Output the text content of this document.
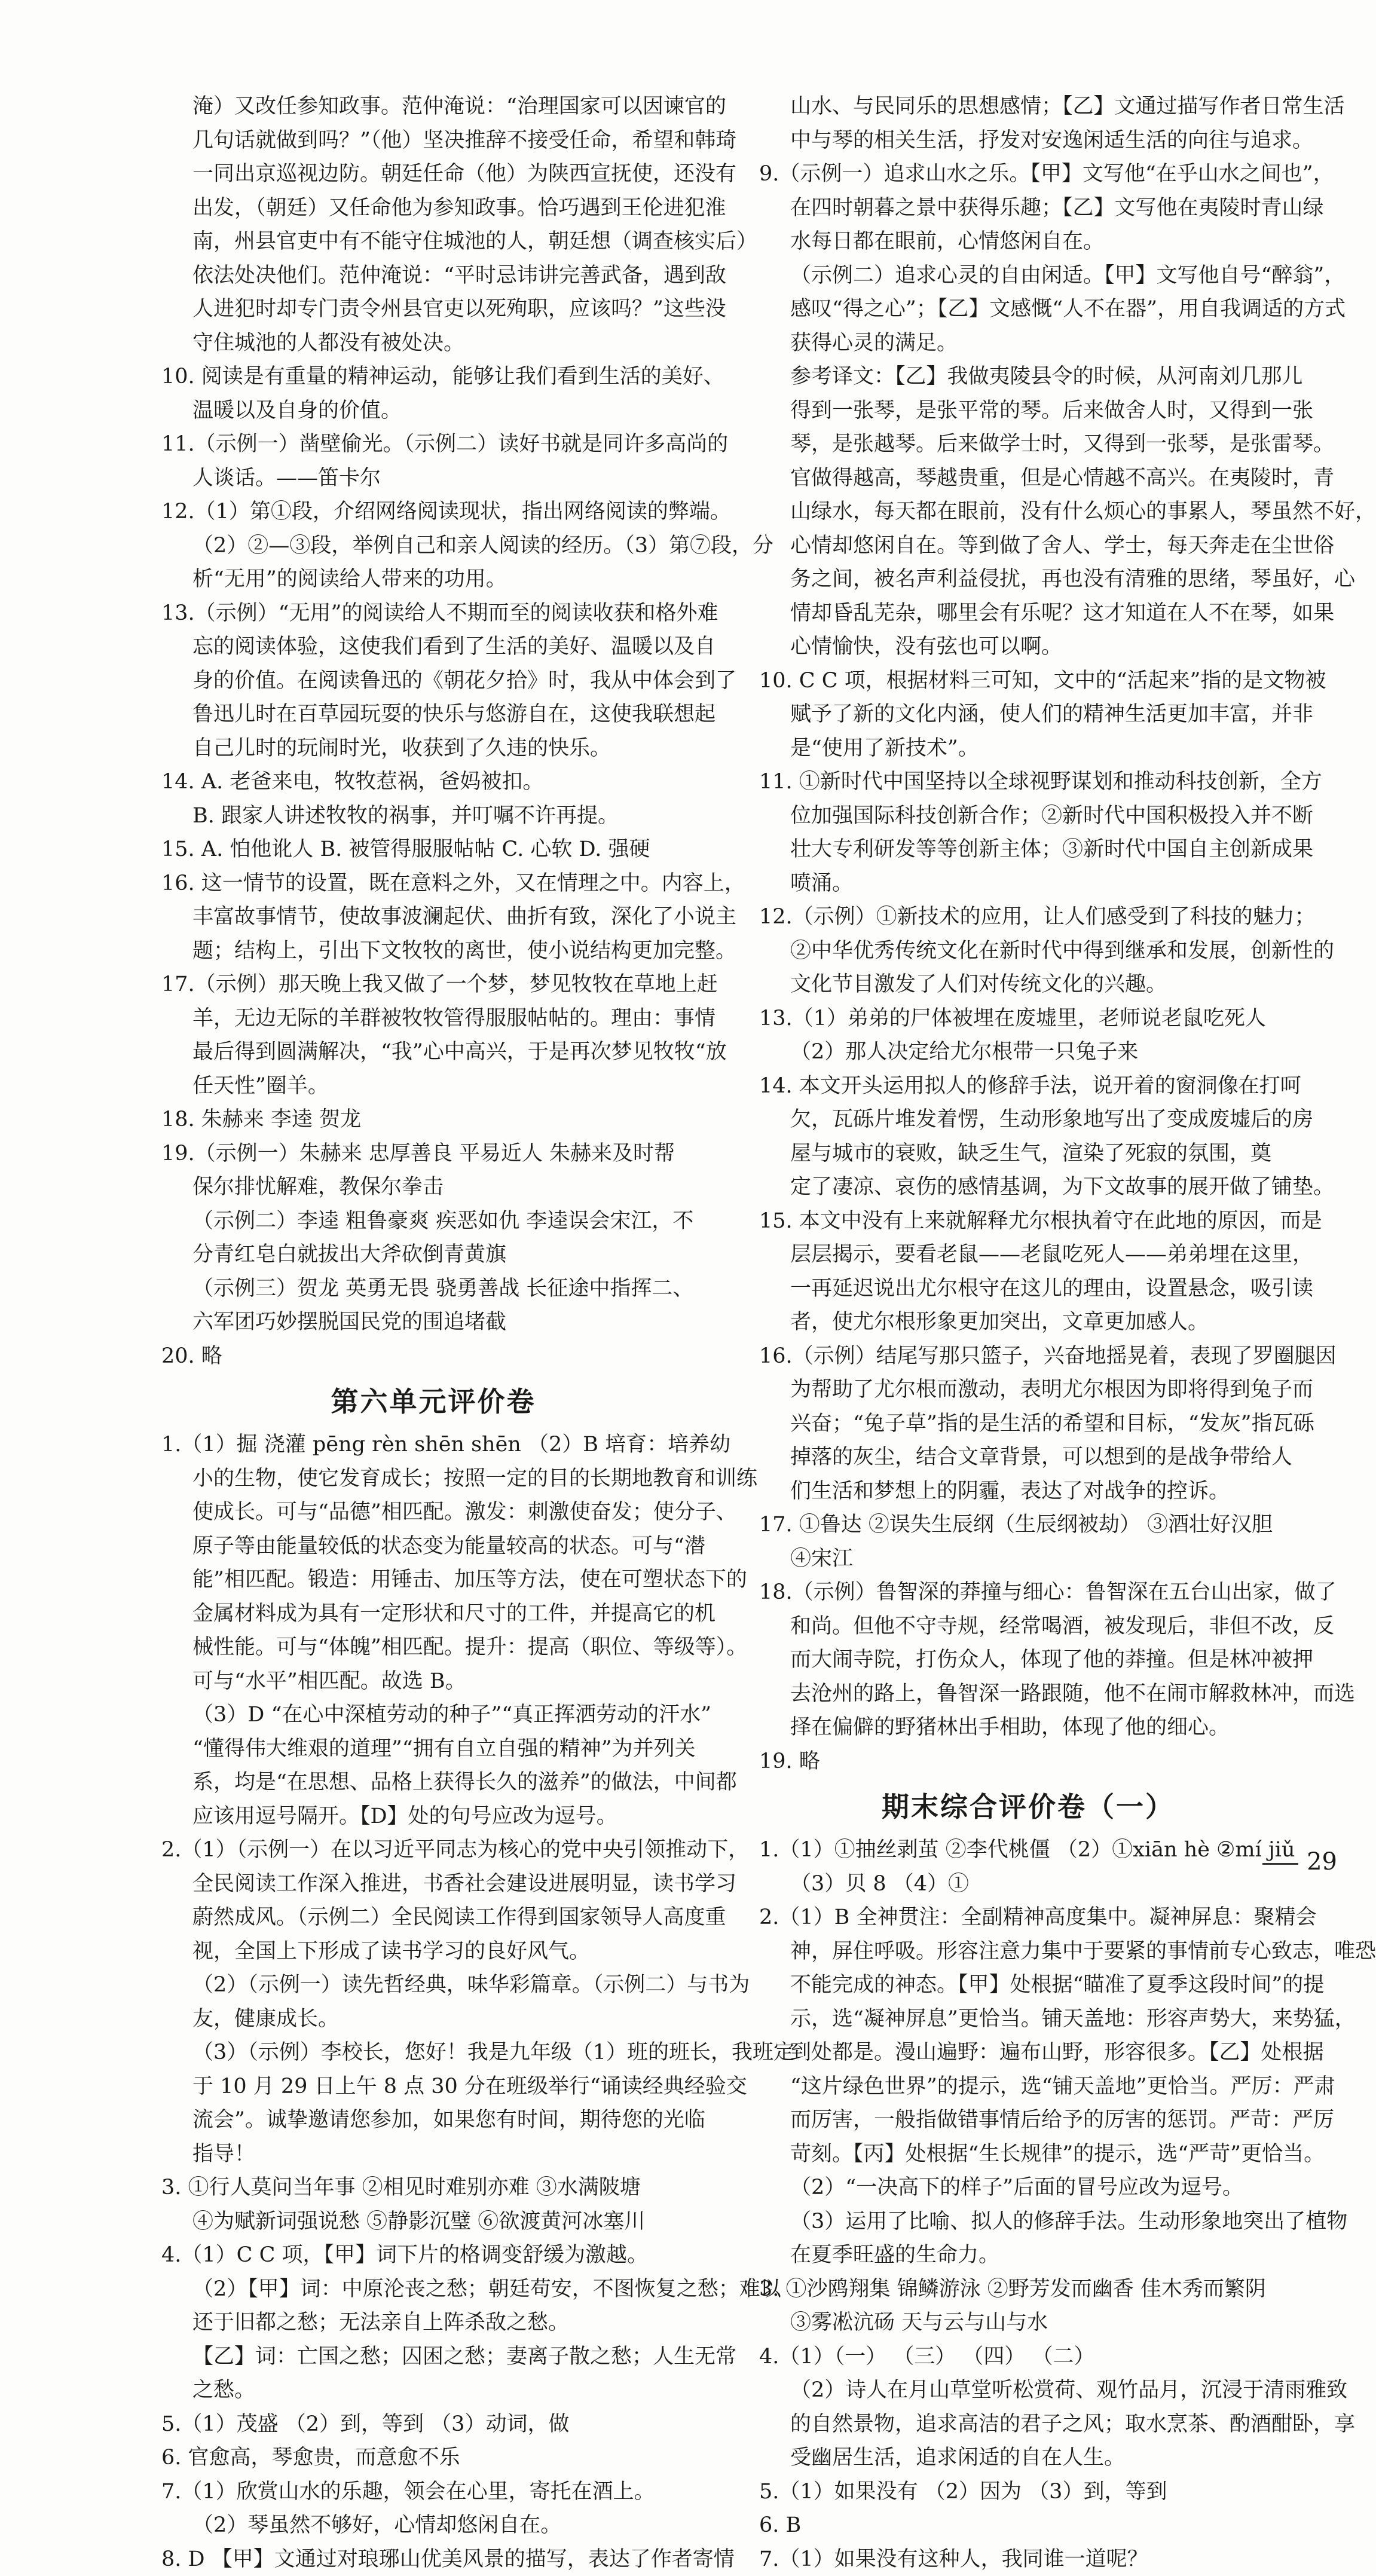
淹）又改任参知政事。范仲淹说：“治理国家可以因谏官的
几句话就做到吗？”（他）坚决推辞不接受任命，希望和韩琦
一同出京巡视边防。朝廷任命（他）为陕西宣抚使，还没有
出发，（朝廷）又任命他为参知政事。恰巧遇到王伦进犯淮
南，州县官吏中有不能守住城池的人，朝廷想（调查核实后）
依法处决他们。范仲淹说：“平时忌讳讲完善武备，遇到敌
人进犯时却专门责令州县官吏以死殉职，应该吗？”这些没
守住城池的人都没有被处决。
10. 阅读是有重量的精神运动，能够让我们看到生活的美好、
温暖以及自身的价值。
11.（示例一）凿壁偷光。（示例二）读好书就是同许多高尚的
人谈话。——笛卡尔
12.（1）第①段，介绍网络阅读现状，指出网络阅读的弊端。
（2）②—③段，举例自己和亲人阅读的经历。（3）第⑦段，分
析“无用”的阅读给人带来的功用。
13.（示例）“无用”的阅读给人不期而至的阅读收获和格外难
忘的阅读体验，这使我们看到了生活的美好、温暖以及自
身的价值。在阅读鲁迅的《朝花夕拾》时，我从中体会到了
鲁迅儿时在百草园玩耍的快乐与悠游自在，这使我联想起
自己儿时的玩闹时光，收获到了久违的快乐。
14. A. 老爸来电，牧牧惹祸，爸妈被扣。
B. 跟家人讲述牧牧的祸事，并叮嘱不许再提。
15. A. 怕他讹人 B. 被管得服服帖帖 C. 心软 D. 强硬
16. 这一情节的设置，既在意料之外，又在情理之中。内容上，
丰富故事情节，使故事波澜起伏、曲折有致，深化了小说主
题；结构上，引出下文牧牧的离世，使小说结构更加完整。
17.（示例）那天晚上我又做了一个梦，梦见牧牧在草地上赶
羊，无边无际的羊群被牧牧管得服服帖帖的。理由：事情
最后得到圆满解决，“我”心中高兴，于是再次梦见牧牧“放
任天性”圈羊。
18. 朱赫来 李逵 贺龙
19.（示例一）朱赫来 忠厚善良 平易近人 朱赫来及时帮
保尔排忧解难，教保尔拳击
（示例二）李逵 粗鲁豪爽 疾恶如仇 李逵误会宋江，不
分青红皂白就拔出大斧砍倒青黄旗
（示例三）贺龙 英勇无畏 骁勇善战 长征途中指挥二、
六军团巧妙摆脱国民党的围追堵截
20. 略
第六单元评价卷
1.（1）掘 浇灌 pēng rèn shēn shēn （2）B 培育：培养幼
小的生物，使它发育成长；按照一定的目的长期地教育和训练
使成长。可与“品德”相匹配。激发：刺激使奋发；使分子、
原子等由能量较低的状态变为能量较高的状态。可与“潜
能”相匹配。锻造：用锤击、加压等方法，使在可塑状态下的
金属材料成为具有一定形状和尺寸的工件，并提高它的机
械性能。可与“体魄”相匹配。提升：提高（职位、等级等）。
可与“水平”相匹配。故选 B。
（3）D “在心中深植劳动的种子”“真正挥洒劳动的汗水”
“懂得伟大维艰的道理”“拥有自立自强的精神”为并列关
系，均是“在思想、品格上获得长久的滋养”的做法，中间都
应该用逗号隔开。【D】处的句号应改为逗号。
2.（1）（示例一）在以习近平同志为核心的党中央引领推动下，
全民阅读工作深入推进，书香社会建设进展明显，读书学习
蔚然成风。（示例二）全民阅读工作得到国家领导人高度重
视，全国上下形成了读书学习的良好风气。
（2）（示例一）读先哲经典，味华彩篇章。（示例二）与书为
友，健康成长。
（3）（示例）李校长，您好！我是九年级（1）班的班长，我班定
于 10 月 29 日上午 8 点 30 分在班级举行“诵读经典经验交
流会”。诚挚邀请您参加，如果您有时间，期待您的光临
指导！
3. ①行人莫问当年事 ②相见时难别亦难 ③水满陂塘
④为赋新词强说愁 ⑤静影沉璧 ⑥欲渡黄河冰塞川
4.（1）C C 项，【甲】词下片的格调变舒缓为激越。
（2）【甲】词：中原沦丧之愁；朝廷苟安，不图恢复之愁；难以
还于旧都之愁；无法亲自上阵杀敌之愁。
【乙】词：亡国之愁；囚困之愁；妻离子散之愁；人生无常
之愁。
5.（1）茂盛 （2）到，等到 （3）动词，做
6. 官愈高，琴愈贵，而意愈不乐
7.（1）欣赏山水的乐趣，领会在心里，寄托在酒上。
（2）琴虽然不够好，心情却悠闲自在。
8. D 【甲】文通过对琅琊山优美风景的描写，表达了作者寄情
山水、与民同乐的思想感情；【乙】文通过描写作者日常生活
中与琴的相关生活，抒发对安逸闲适生活的向往与追求。
9.（示例一）追求山水之乐。【甲】文写他“在乎山水之间也”，
在四时朝暮之景中获得乐趣；【乙】文写他在夷陵时青山绿
水每日都在眼前，心情悠闲自在。
（示例二）追求心灵的自由闲适。【甲】文写他自号“醉翁”，
感叹“得之心”；【乙】文感慨“人不在器”，用自我调适的方式
获得心灵的满足。
参考译文：【乙】我做夷陵县令的时候，从河南刘几那儿
得到一张琴，是张平常的琴。后来做舍人时，又得到一张
琴，是张越琴。后来做学士时，又得到一张琴，是张雷琴。
官做得越高，琴越贵重，但是心情越不高兴。在夷陵时，青
山绿水，每天都在眼前，没有什么烦心的事累人，琴虽然不好，
心情却悠闲自在。等到做了舍人、学士，每天奔走在尘世俗
务之间，被名声利益侵扰，再也没有清雅的思绪，琴虽好，心
情却昏乱芜杂，哪里会有乐呢？这才知道在人不在琴，如果
心情愉快，没有弦也可以啊。
10. C C 项，根据材料三可知，文中的“活起来”指的是文物被
赋予了新的文化内涵，使人们的精神生活更加丰富，并非
是“使用了新技术”。
11. ①新时代中国坚持以全球视野谋划和推动科技创新，全方
位加强国际科技创新合作；②新时代中国积极投入并不断
壮大专利研发等等创新主体；③新时代中国自主创新成果
喷涌。
12.（示例）①新技术的应用，让人们感受到了科技的魅力；
②中华优秀传统文化在新时代中得到继承和发展，创新性的
文化节目激发了人们对传统文化的兴趣。
13.（1）弟弟的尸体被埋在废墟里，老师说老鼠吃死人
（2）那人决定给尤尔根带一只兔子来
14. 本文开头运用拟人的修辞手法，说开着的窗洞像在打呵
欠，瓦砾片堆发着愣，生动形象地写出了变成废墟后的房
屋与城市的衰败，缺乏生气，渲染了死寂的氛围，奠
定了凄凉、哀伤的感情基调，为下文故事的展开做了铺垫。
15. 本文中没有上来就解释尤尔根执着守在此地的原因，而是
层层揭示，要看老鼠——老鼠吃死人——弟弟埋在这里，
一再延迟说出尤尔根守在这儿的理由，设置悬念，吸引读
者，使尤尔根形象更加突出，文章更加感人。
16.（示例）结尾写那只篮子，兴奋地摇晃着，表现了罗圈腿因
为帮助了尤尔根而激动，表明尤尔根因为即将得到兔子而
兴奋；“兔子草”指的是生活的希望和目标，“发灰”指瓦砾
掉落的灰尘，结合文章背景，可以想到的是战争带给人
们生活和梦想上的阴霾，表达了对战争的控诉。
17. ①鲁达 ②误失生辰纲（生辰纲被劫） ③酒壮好汉胆
④宋江
18.（示例）鲁智深的莽撞与细心：鲁智深在五台山出家，做了
和尚。但他不守寺规，经常喝酒，被发现后，非但不改，反
而大闹寺院，打伤众人，体现了他的莽撞。但是林冲被押
去沧州的路上，鲁智深一路跟随，他不在闹市解救林冲，而选
择在偏僻的野猪林出手相助，体现了他的细心。
19. 略
期末综合评价卷（一）
1.（1）①抽丝剥茧 ②李代桃僵 （2）①xiān hè ②mí jiǔ
（3）贝 8 （4）①
2.（1）B 全神贯注：全副精神高度集中。凝神屏息：聚精会
神，屏住呼吸。形容注意力集中于要紧的事情前专心致志，唯恐
不能完成的神态。【甲】处根据“瞄准了夏季这段时间”的提
示，选“凝神屏息”更恰当。铺天盖地：形容声势大，来势猛，
到处都是。漫山遍野：遍布山野，形容很多。【乙】处根据
“这片绿色世界”的提示，选“铺天盖地”更恰当。严厉：严肃
而厉害，一般指做错事情后给予的厉害的惩罚。严苛：严厉
苛刻。【丙】处根据“生长规律”的提示，选“严苛”更恰当。
（2）“一决高下的样子”后面的冒号应改为逗号。
（3）运用了比喻、拟人的修辞手法。生动形象地突出了植物
在夏季旺盛的生命力。
3. ①沙鸥翔集 锦鳞游泳 ②野芳发而幽香 佳木秀而繁阴
③雾凇沆砀 天与云与山与水
4.（1）（一） （三） （四） （二）
（2）诗人在月山草堂听松赏荷、观竹品月，沉浸于清雨雅致
的自然景物，追求高洁的君子之风；取水烹茶、酌酒酣卧，享
受幽居生活，追求闲适的自在人生。
5.（1）如果没有 （2）因为 （3）到，等到
6. B
7.（1）如果没有这种人，我同谁一道呢？
29
